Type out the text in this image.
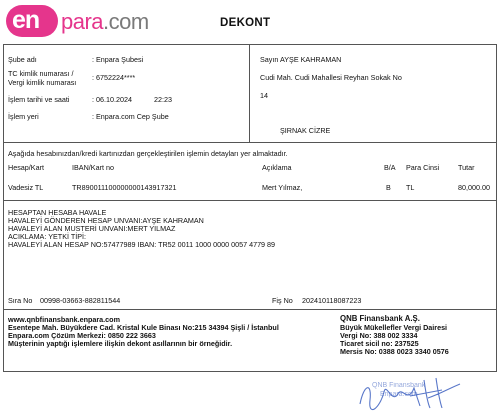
en para.com	DEKONT
Şube adı	: Enpara Şubesi
TC kimlik numarası /
Vergi kimlik numarası
: 6752224****
İşlem tarihi ve saati	: 06.10.2024	22:23
İşlem yeri	: Enpara.com Cep Şube
Sayın AYŞE KAHRAMAN
Cudi Mah. Cudi Mahallesi Reyhan Sokak No
14
ŞIRNAK CİZRE
Aşağıda hesabınızdan/kredi kartınızdan gerçekleştirilen işlemin detayları yer almaktadır.
Hesap/Kart	IBAN/Kart no	Açıklama	B/A Para Cinsi	Tutar
Vadesiz TL	TR890011100000000143917321	Mert Yılmaz,	B TL	80,000.00
HESAPTAN HESABA HAVALE
HAVALEYİ GÖNDEREN HESAP UNVANI:AYŞE KAHRAMAN
HAVALEYİ ALAN MUSTERİ UNVANI:MERT YILMAZ
ACIKLAMA: YETKİ TİPİ:
HAVALEYİ ALAN HESAP NO:57477989 IBAN: TR52 0011 1000 0000 0057 4779 89
Sıra No 00998-03663-882811544	Fiş No 202410118087223
www.qnbfinansbank.enpara.com
Esentepe Mah. Büyükdere Cad. Kristal Kule Binası No:215 34394 Şişli / İstanbul
Enpara.com Çözüm Merkezi: 0850 222 3663
Müşterinin yaptığı işlemlere ilişkin dekont asıllarının bir örneğidir.
QNB Finansbank A.Ş.
Büyük Mükellefler Vergi Dairesi
Vergi No: 388 002 3334
Ticaret sicil no: 237525
Mersis No: 0388 0023 3340 0576
QNB Finansbank
Enpara.com
